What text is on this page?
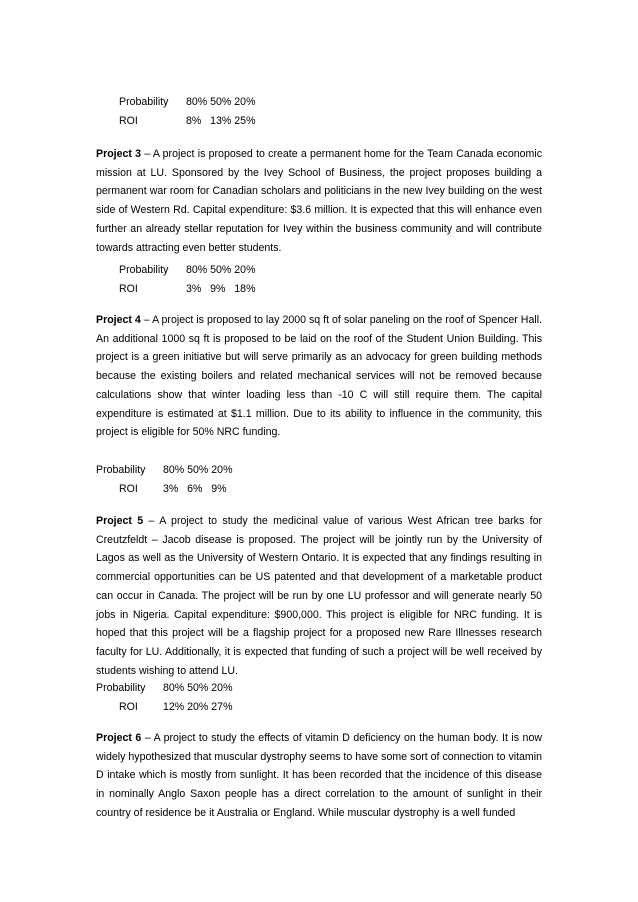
Probability	80% 50% 20%
ROI	8%   13% 25%

Project 3 – A project is proposed to create a permanent home for the Team Canada economic mission at LU. Sponsored by the Ivey School of Business, the project proposes building a permanent war room for Canadian scholars and politicians in the new Ivey building on the west side of Western Rd. Capital expenditure: $3.6 million. It is expected that this will enhance even further an already stellar reputation for Ivey within the business community and will contribute towards attracting even better students.

Probability	80% 50% 20%
ROI	3%   9%   18%

Project 4 – A project is proposed to lay 2000 sq ft of solar paneling on the roof of Spencer Hall. An additional 1000 sq ft is proposed to be laid on the roof of the Student Union Building. This project is a green initiative but will serve primarily as an advocacy for green building methods because the existing boilers and related mechanical services will not be removed because calculations show that winter loading less than -10 C will still require them. The capital expenditure is estimated at $1.1 million. Due to its ability to influence in the community, this project is eligible for 50% NRC funding.

Probability	80% 50% 20%
ROI	3%   6%   9%

Project 5 – A project to study the medicinal value of various West African tree barks for Creutzfeldt – Jacob disease is proposed. The project will be jointly run by the University of Lagos as well as the University of Western Ontario. It is expected that any findings resulting in commercial opportunities can be US patented and that development of a marketable product can occur in Canada. The project will be run by one LU professor and will generate nearly 50 jobs in Nigeria. Capital expenditure: $900,000. This project is eligible for NRC funding. It is hoped that this project will be a flagship project for a proposed new Rare Illnesses research faculty for LU. Additionally, it is expected that funding of such a project will be well received by students wishing to attend LU.

Probability	80% 50% 20%
ROI	12% 20% 27%

Project 6 – A project to study the effects of vitamin D deficiency on the human body. It is now widely hypothesized that muscular dystrophy seems to have some sort of connection to vitamin D intake which is mostly from sunlight. It has been recorded that the incidence of this disease in nominally Anglo Saxon people has a direct correlation to the amount of sunlight in their country of residence be it Australia or England. While muscular dystrophy is a well funded
